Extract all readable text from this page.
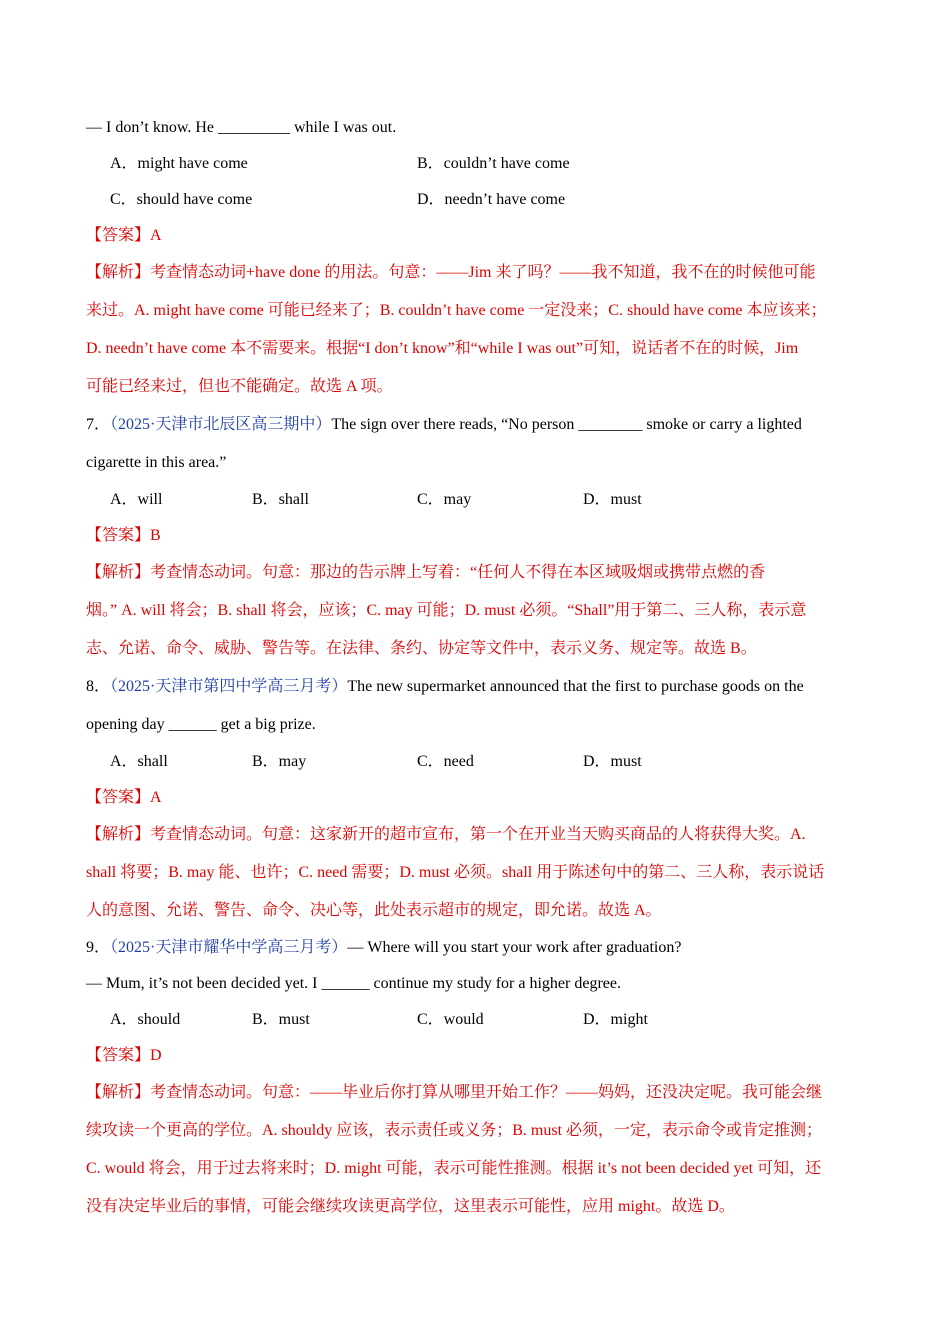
— I don’t know. He _________ while I was out.
A．might have come	B．couldn’t have come
C．should have come	D．needn’t have come
【答案】A
【解析】考查情态动词+have done 的用法。句意：——Jim 来了吗？——我不知道，我不在的时候他可能
来过。A. might have come 可能已经来了；B. couldn’t have come 一定没来；C. should have come 本应该来；
D. needn’t have come 本不需要来。根据“I don’t know”和“while I was out”可知，说话者不在的时候，Jim
可能已经来过，但也不能确定。故选 A 项。
7．（2025·天津市北辰区高三期中）The sign over there reads, “No person ________ smoke or carry a lighted
cigarette in this area.”
A．will	B．shall	C．may	D．must
【答案】B
【解析】考查情态动词。句意：那边的告示牌上写着：“任何人不得在本区域吸烟或携带点燃的香
烟。” A. will 将会；B. shall 将会，应该；C. may 可能；D. must 必须。“Shall”用于第二、三人称，表示意
志、允诺、命令、威胁、警告等。在法律、条约、协定等文件中，表示义务、规定等。故选 B。
8．（2025·天津市第四中学高三月考）The new supermarket announced that the first to purchase goods on the
opening day ______ get a big prize.
A．shall	B．may	C．need	D．must
【答案】A
【解析】考查情态动词。句意：这家新开的超市宣布，第一个在开业当天购买商品的人将获得大奖。A.
shall 将要；B. may 能、也许；C. need 需要；D. must 必须。shall 用于陈述句中的第二、三人称，表示说话
人的意图、允诺、警告、命令、决心等，此处表示超市的规定，即允诺。故选 A。
9．（2025·天津市耀华中学高三月考）— Where will you start your work after graduation?
— Mum, it’s not been decided yet. I ______ continue my study for a higher degree.
A．should	B．must	C．would	D．might
【答案】D
【解析】考查情态动词。句意：——毕业后你打算从哪里开始工作？——妈妈，还没决定呢。我可能会继
续攻读一个更高的学位。A. shouldy 应该，表示责任或义务；B. must 必须，一定，表示命令或肯定推测；
C. would 将会，用于过去将来时；D. might 可能，表示可能性推测。根据 it’s not been decided yet 可知，还
没有决定毕业后的事情，可能会继续攻读更高学位，这里表示可能性，应用 might。故选 D。
